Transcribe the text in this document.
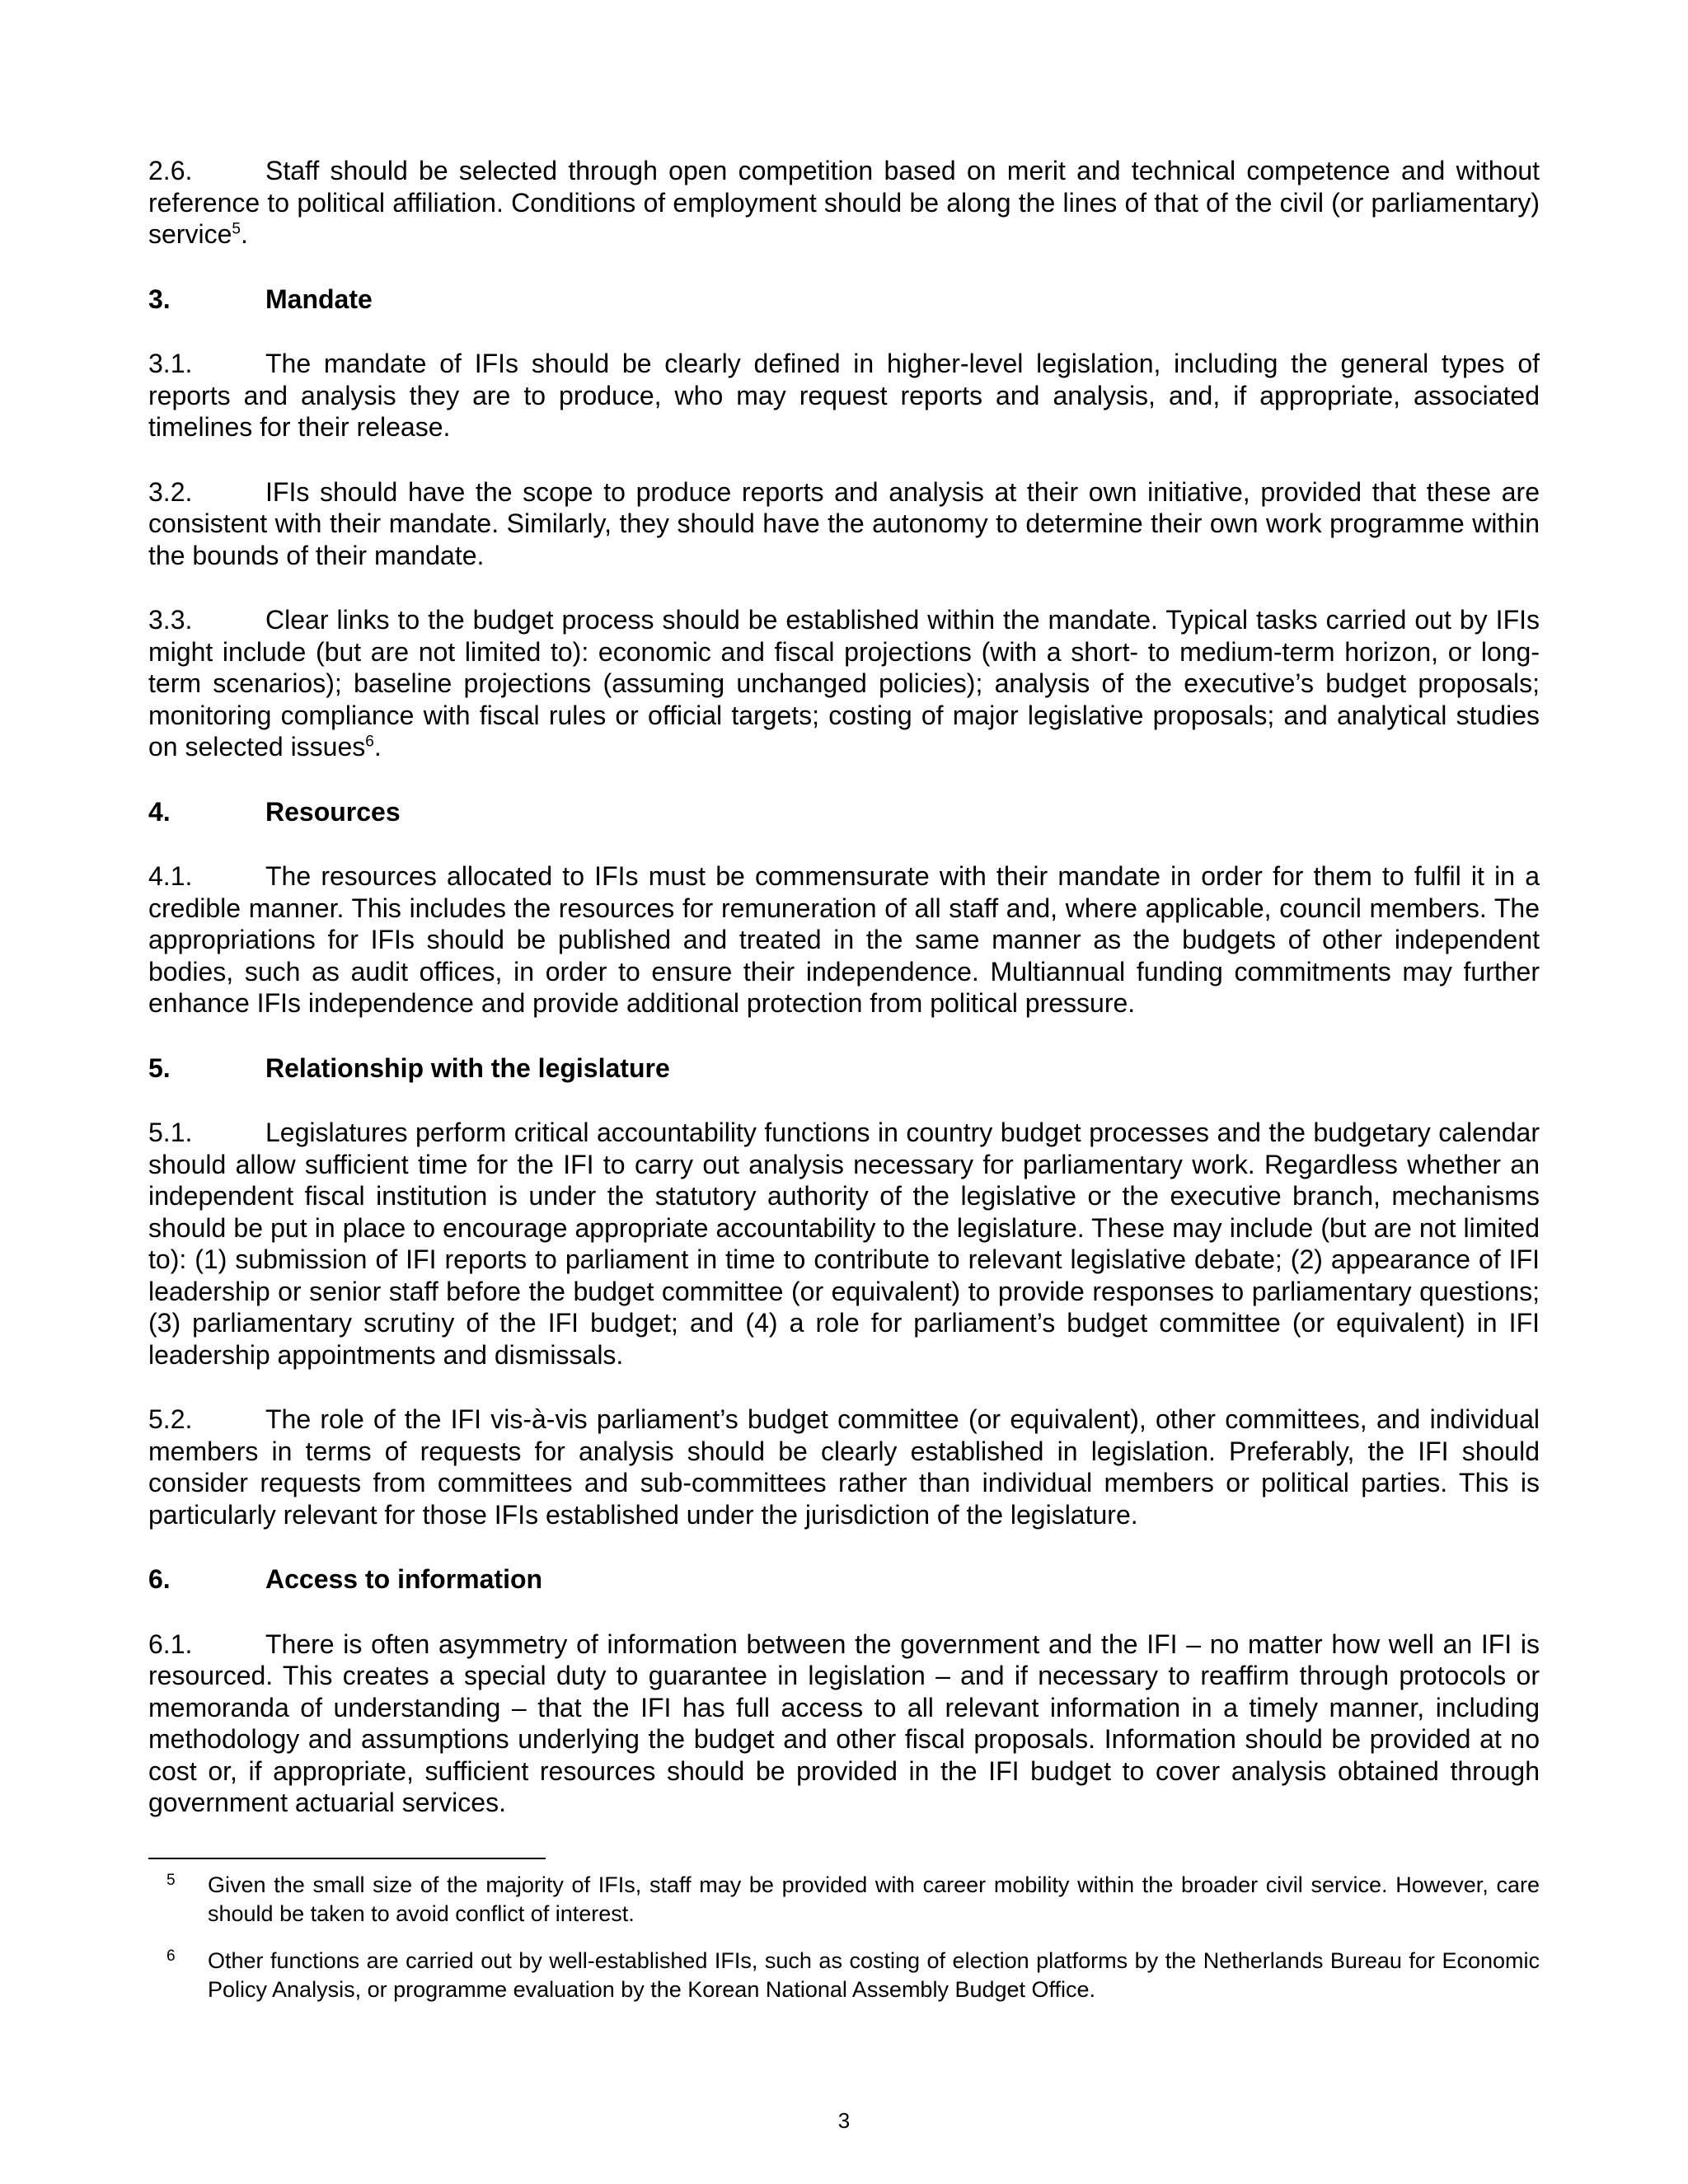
2.6.	Staff should be selected through open competition based on merit and technical competence and without reference to political affiliation. Conditions of employment should be along the lines of that of the civil (or parliamentary) service$^5$.

3.	Mandate

3.1.	The mandate of IFIs should be clearly defined in higher-level legislation, including the general types of reports and analysis they are to produce, who may request reports and analysis, and, if appropriate, associated timelines for their release.

3.2.	IFIs should have the scope to produce reports and analysis at their own initiative, provided that these are consistent with their mandate. Similarly, they should have the autonomy to determine their own work programme within the bounds of their mandate.

3.3.	Clear links to the budget process should be established within the mandate. Typical tasks carried out by IFIs might include (but are not limited to): economic and fiscal projections (with a short- to medium-term horizon, or long-term scenarios); baseline projections (assuming unchanged policies); analysis of the executive’s budget proposals; monitoring compliance with fiscal rules or official targets; costing of major legislative proposals; and analytical studies on selected issues$^6$.

4.	Resources

4.1.	The resources allocated to IFIs must be commensurate with their mandate in order for them to fulfil it in a credible manner. This includes the resources for remuneration of all staff and, where applicable, council members. The appropriations for IFIs should be published and treated in the same manner as the budgets of other independent bodies, such as audit offices, in order to ensure their independence. Multiannual funding commitments may further enhance IFIs independence and provide additional protection from political pressure.

5.	Relationship with the legislature

5.1.	Legislatures perform critical accountability functions in country budget processes and the budgetary calendar should allow sufficient time for the IFI to carry out analysis necessary for parliamentary work. Regardless whether an independent fiscal institution is under the statutory authority of the legislative or the executive branch, mechanisms should be put in place to encourage appropriate accountability to the legislature. These may include (but are not limited to): (1) submission of IFI reports to parliament in time to contribute to relevant legislative debate; (2) appearance of IFI leadership or senior staff before the budget committee (or equivalent) to provide responses to parliamentary questions; (3) parliamentary scrutiny of the IFI budget; and (4) a role for parliament’s budget committee (or equivalent) in IFI leadership appointments and dismissals.

5.2.	The role of the IFI vis-à-vis parliament’s budget committee (or equivalent), other committees, and individual members in terms of requests for analysis should be clearly established in legislation. Preferably, the IFI should consider requests from committees and sub-committees rather than individual members or political parties. This is particularly relevant for those IFIs established under the jurisdiction of the legislature.

6.	Access to information

6.1.	There is often asymmetry of information between the government and the IFI – no matter how well an IFI is resourced. This creates a special duty to guarantee in legislation – and if necessary to reaffirm through protocols or memoranda of understanding – that the IFI has full access to all relevant information in a timely manner, including methodology and assumptions underlying the budget and other fiscal proposals. Information should be provided at no cost or, if appropriate, sufficient resources should be provided in the IFI budget to cover analysis obtained through government actuarial services.

5 Given the small size of the majority of IFIs, staff may be provided with career mobility within the broader civil service. However, care should be taken to avoid conflict of interest.

6 Other functions are carried out by well-established IFIs, such as costing of election platforms by the Netherlands Bureau for Economic Policy Analysis, or programme evaluation by the Korean National Assembly Budget Office.

3
